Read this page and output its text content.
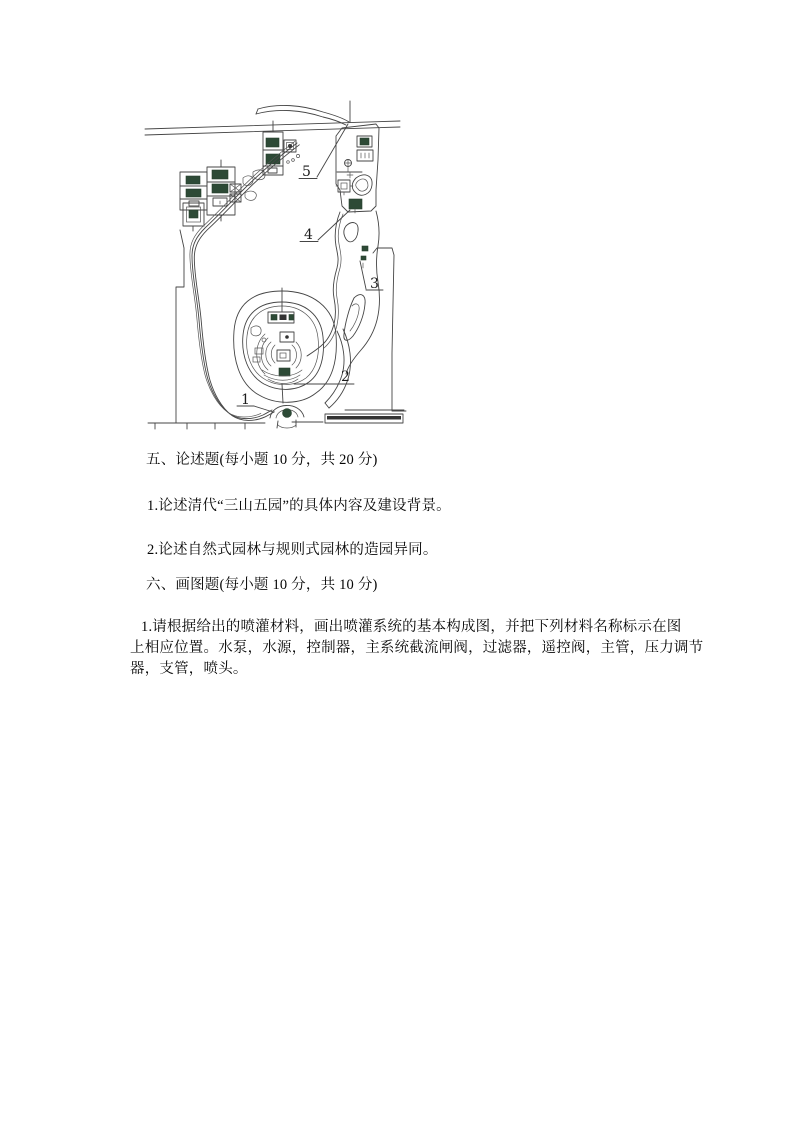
5
4
3
2
1
五、论述题(每小题 10 分，共 20 分)
1.论述清代“三山五园”的具体内容及建设背景。
2.论述自然式园林与规则式园林的造园异同。
六、画图题(每小题 10 分，共 10 分)
1.请根据给出的喷灌材料，画出喷灌系统的基本构成图，并把下列材料名称标示在图
上相应位置。水泵，水源，控制器，主系统截流闸阀，过滤器，遥控阀，主管，压力调节
器，支管，喷头。
